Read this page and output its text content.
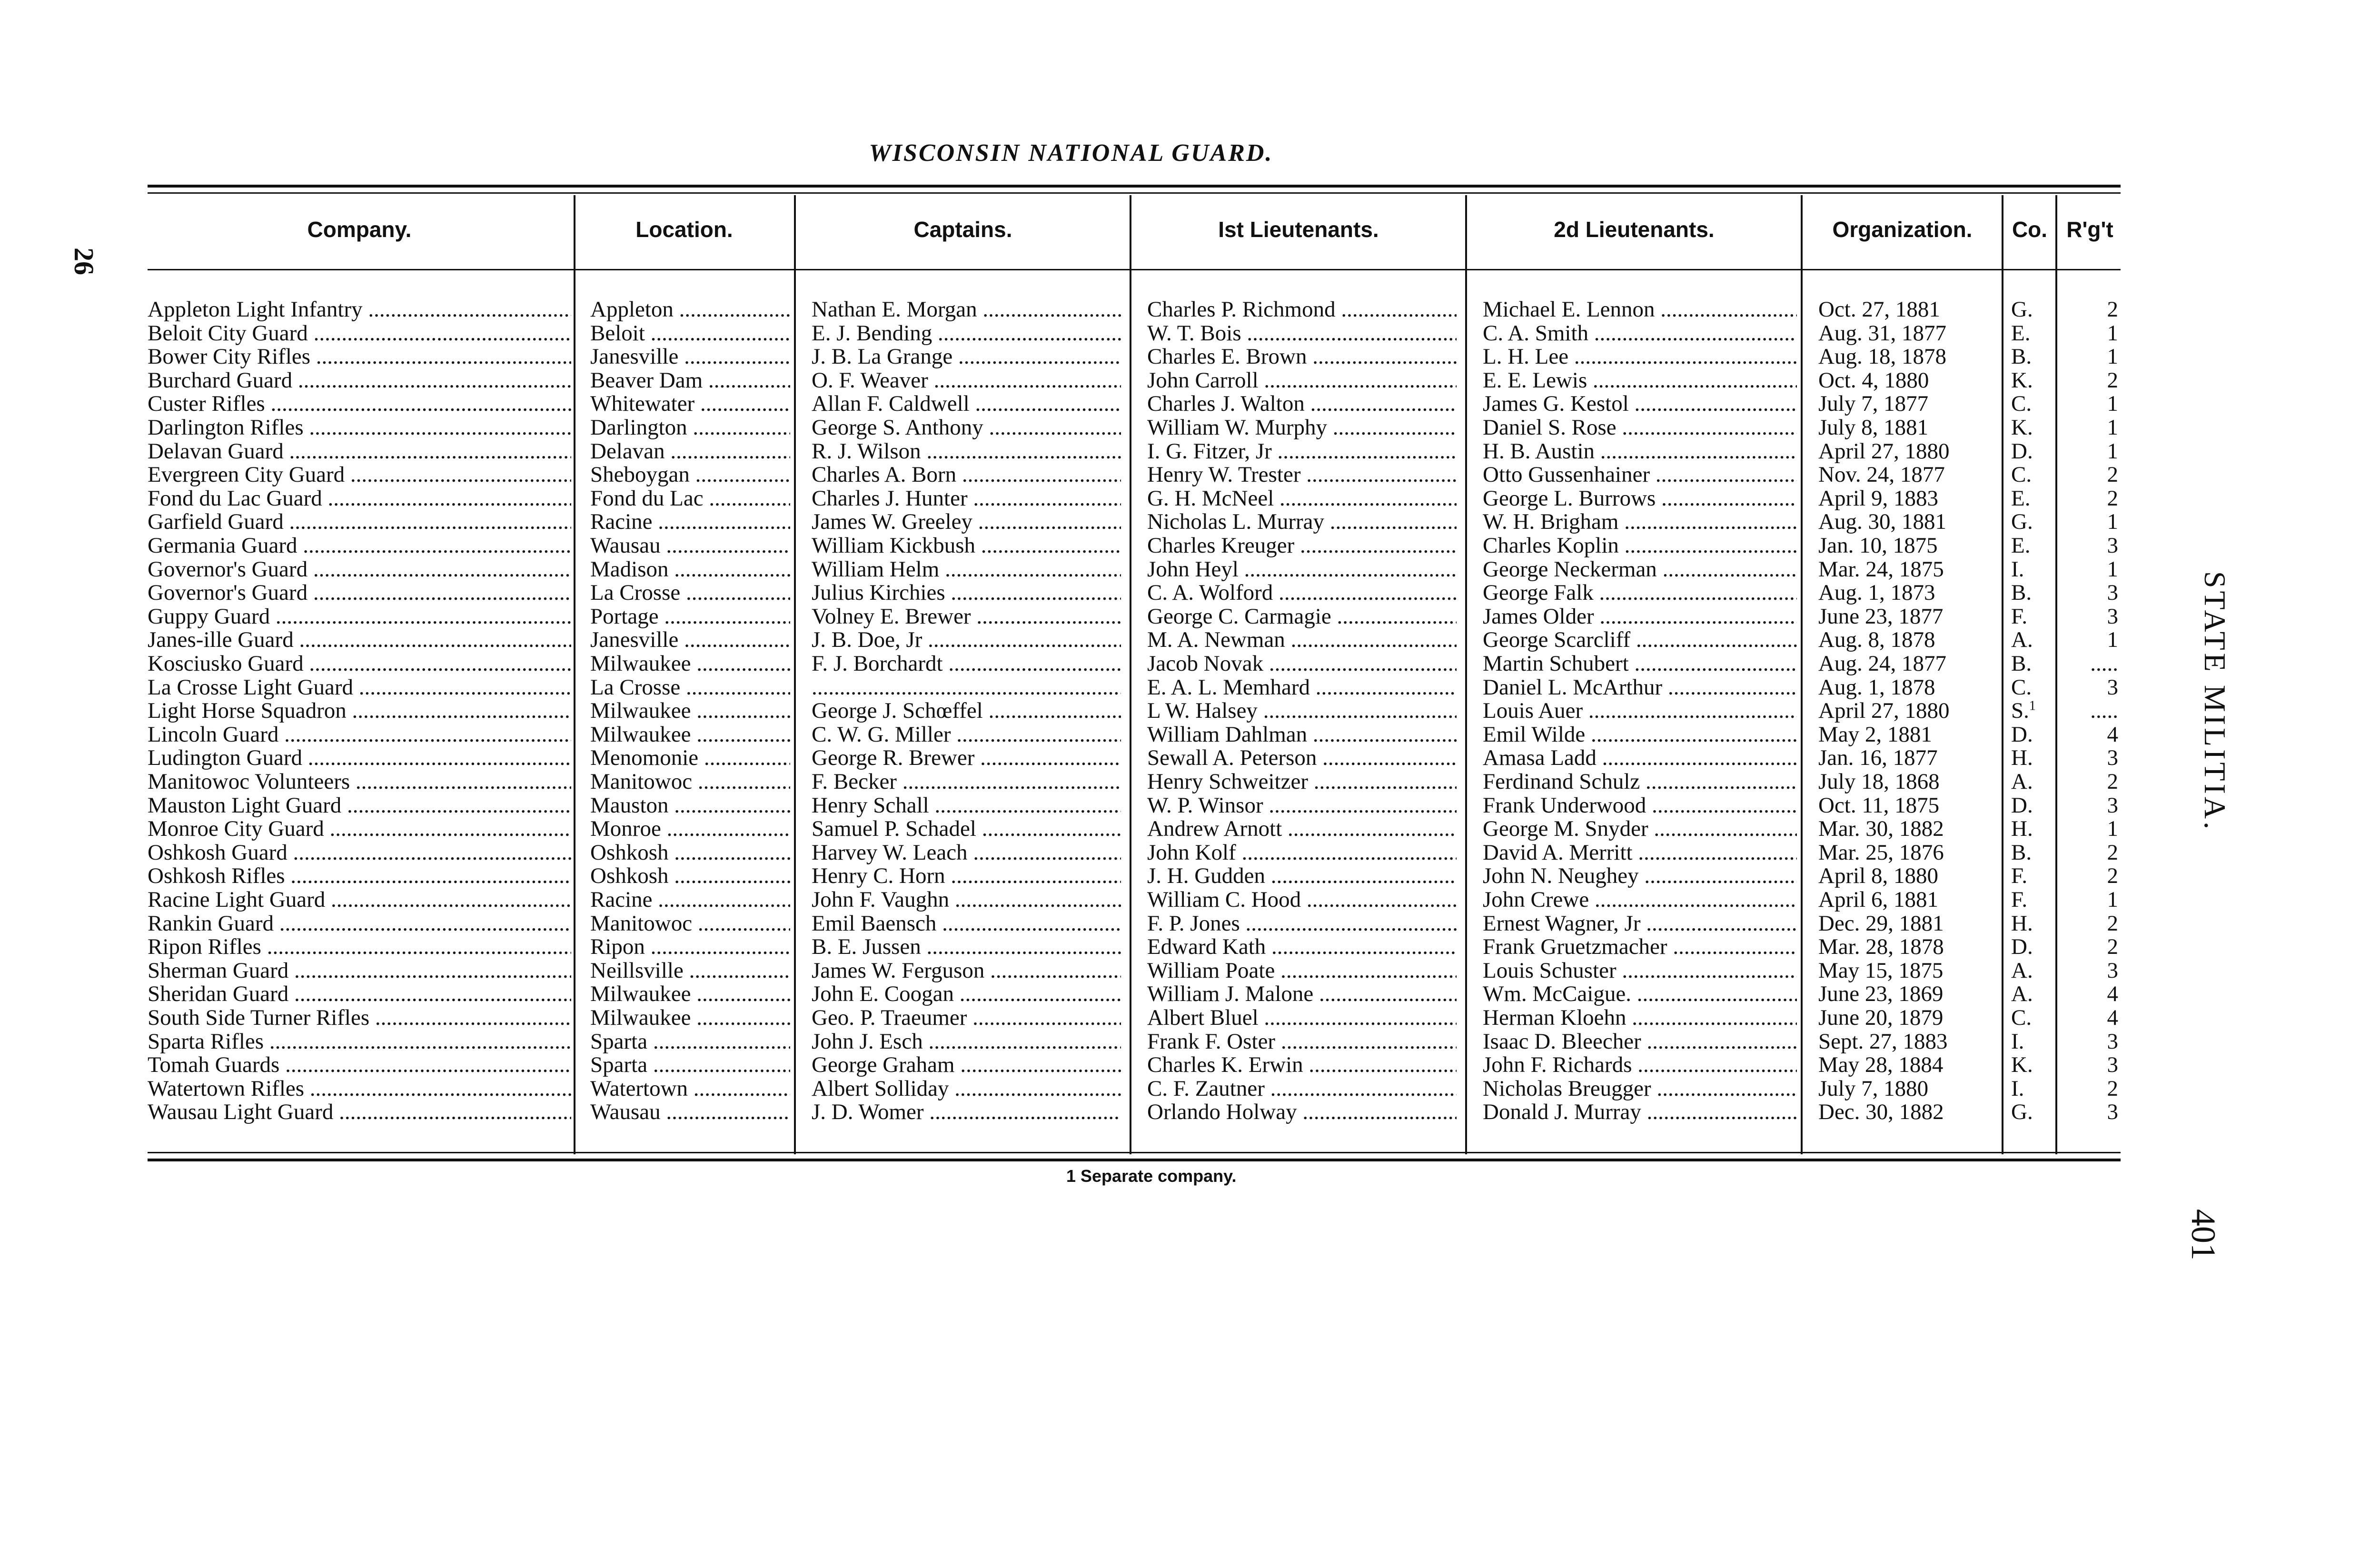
WISCONSIN NATIONAL GUARD.
26
STATE MILITIA.
401
Company.	Location.	Captains.	Ist Lieutenants.	2d Lieutenants.	Organization.	Co. R'g't
Appleton Light Infantry .....	Appleton .....	Nathan E. Morgan .....	Charles P. Richmond .....	Michael E. Lennon .....	Oct. 27, 1881	G.	2
Beloit City Guard .....	Beloit .....	E. J. Bending .....	W. T. Bois .....	C. A. Smith .....	Aug. 31, 1877	E.	1
Bower City Rifles .....	Janesville .....	J. B. La Grange .....	Charles E. Brown .....	L. H. Lee .....	Aug. 18, 1878	B.	1
Burchard Guard .....	Beaver Dam .....	O. F. Weaver .....	John Carroll .....	E. E. Lewis .....	Oct. 4, 1880	K.	2
Custer Rifles .....	Whitewater .....	Allan F. Caldwell .....	Charles J. Walton .....	James G. Kestol .....	July 7, 1877	C.	1
Darlington Rifles .....	Darlington .....	George S. Anthony .....	William W. Murphy .....	Daniel S. Rose .....	July 8, 1881	K.	1
Delavan Guard .....	Delavan .....	R. J. Wilson .....	I. G. Fitzer, Jr .....	H. B. Austin .....	April 27, 1880	D.	1
Evergreen City Guard .....	Sheboygan .....	Charles A. Born .....	Henry W. Trester .....	Otto Gussenhainer .....	Nov. 24, 1877	C.	2
Fond du Lac Guard .....	Fond du Lac .....	Charles J. Hunter .....	G. H. McNeel .....	George L. Burrows .....	April 9, 1883	E.	2
Garfield Guard .....	Racine .....	James W. Greeley .....	Nicholas L. Murray .....	W. H. Brigham .....	Aug. 30, 1881	G.	1
Germania Guard .....	Wausau .....	William Kickbush .....	Charles Kreuger .....	Charles Koplin .....	Jan. 10, 1875	E.	3
Governor's Guard .....	Madison .....	William Helm .....	John Heyl .....	George Neckerman .....	Mar. 24, 1875	I.	1
Governor's Guard .....	La Crosse .....	Julius Kirchies .....	C. A. Wolford .....	George Falk .....	Aug. 1, 1873	B.	3
Guppy Guard .....	Portage .....	Volney E. Brewer .....	George C. Carmagie .....	James Older .....	June 23, 1877	F.	3
Janes-ille Guard .....	Janesville .....	J. B. Doe, Jr .....	M. A. Newman .....	George Scarcliff .....	Aug. 8, 1878	A.	1
Kosciusko Guard .....	Milwaukee .....	F. J. Borchardt .....	Jacob Novak .....	Martin Schubert .....	Aug. 24, 1877	B.	.....
La Crosse Light Guard .....	La Crosse .....
.....	E. A. L. Memhard .....	Daniel L. McArthur .....	Aug. 1, 1878	C.	3
Light Horse Squadron .....	Milwaukee .....	George J. Schœffel .....	L W. Halsey .....	Louis Auer .....	April 27, 1880	S.$^1$	.....
Lincoln Guard .....	Milwaukee .....	C. W. G. Miller .....	William Dahlman .....	Emil Wilde .....	May 2, 1881	D.	4
Ludington Guard .....	Menomonie .....	George R. Brewer .....	Sewall A. Peterson .....	Amasa Ladd .....	Jan. 16, 1877	H.	3
Manitowoc Volunteers .....	Manitowoc .....	F. Becker .....	Henry Schweitzer .....	Ferdinand Schulz .....	July 18, 1868	A.	2
Mauston Light Guard .....	Mauston .....	Henry Schall .....	W. P. Winsor .....	Frank Underwood .....	Oct. 11, 1875	D.	3
Monroe City Guard .....	Monroe .....	Samuel P. Schadel .....	Andrew Arnott .....	George M. Snyder .....	Mar. 30, 1882	H.	1
Oshkosh Guard .....	Oshkosh .....	Harvey W. Leach .....	John Kolf .....	David A. Merritt .....	Mar. 25, 1876	B.	2
Oshkosh Rifles .....	Oshkosh .....	Henry C. Horn .....	J. H. Gudden .....	John N. Neughey .....	April 8, 1880	F.	2
Racine Light Guard .....	Racine .....	John F. Vaughn .....	William C. Hood .....	John Crewe .....	April 6, 1881	F.	1
Rankin Guard .....	Manitowoc .....	Emil Baensch .....	F. P. Jones .....	Ernest Wagner, Jr .....	Dec. 29, 1881	H.	2
Ripon Rifles .....	Ripon .....	B. E. Jussen .....	Edward Kath .....	Frank Gruetzmacher .....	Mar. 28, 1878	D.	2
Sherman Guard .....	Neillsville .....	James W. Ferguson .....	William Poate .....	Louis Schuster .....	May 15, 1875	A.	3
Sheridan Guard .....	Milwaukee .....	John E. Coogan .....	William J. Malone .....	Wm. McCaigue. .....	June 23, 1869	A.	4
South Side Turner Rifles .....	Milwaukee .....	Geo. P. Traeumer .....	Albert Bluel .....	Herman Kloehn .....	June 20, 1879	C.	4
Sparta Rifles .....	Sparta .....	John J. Esch .....	Frank F. Oster .....	Isaac D. Bleecher .....	Sept. 27, 1883	I.	3
Tomah Guards .....	Sparta .....	George Graham .....	Charles K. Erwin .....	John F. Richards .....	May 28, 1884	K.	3
Watertown Rifles .....	Watertown .....	Albert Solliday .....	C. F. Zautner .....	Nicholas Breugger .....	July 7, 1880	I.	2
Wausau Light Guard .....	Wausau .....	J. D. Womer .....	Orlando Holway .....	Donald J. Murray .....	Dec. 30, 1882	G.	3
1 Separate company.
